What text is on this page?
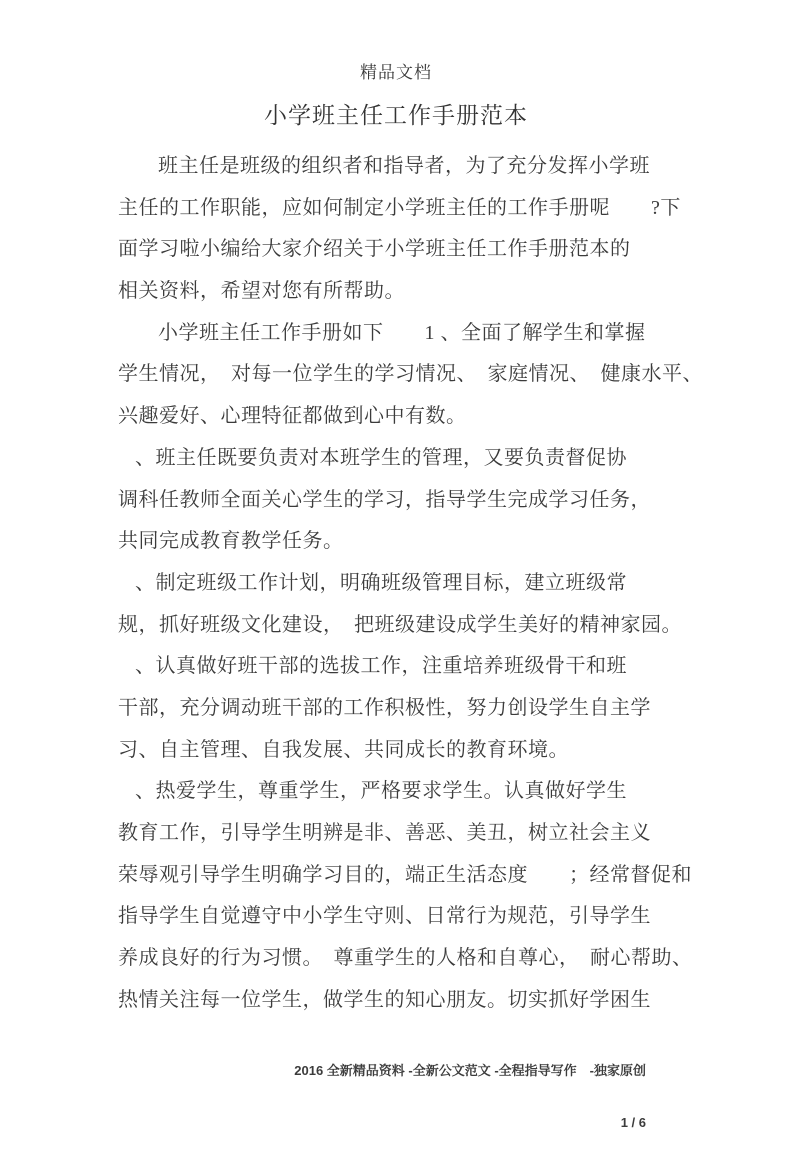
精品文档
小学班主任工作手册范本
班主任是班级的组织者和指导者，为了充分发挥小学班
主任的工作职能，应如何制定小学班主任的工作手册呢　　?下
面学习啦小编给大家介绍关于小学班主任工作手册范本的
相关资料，希望对您有所帮助。
小学班主任工作手册如下　　1 、全面了解学生和掌握
学生情况，　对每一位学生的学习情况、　家庭情况、　健康水平、
兴趣爱好、心理特征都做到心中有数。
、班主任既要负责对本班学生的管理，又要负责督促协
调科任教师全面关心学生的学习，指导学生完成学习任务，
共同完成教育教学任务。
、制定班级工作计划，明确班级管理目标，建立班级常
规，抓好班级文化建设，　把班级建设成学生美好的精神家园。
、认真做好班干部的选拔工作，注重培养班级骨干和班
干部，充分调动班干部的工作积极性，努力创设学生自主学
习、自主管理、自我发展、共同成长的教育环境。
、热爱学生，尊重学生，严格要求学生。认真做好学生
教育工作，引导学生明辨是非、善恶、美丑，树立社会主义
荣辱观引导学生明确学习目的，端正生活态度　　；经常督促和
指导学生自觉遵守中小学生守则、日常行为规范，引导学生
养成良好的行为习惯。　尊重学生的人格和自尊心，　耐心帮助、
热情关注每一位学生，做学生的知心朋友。切实抓好学困生

2016 全新精品资料 -全新公文范文 -全程指导写作　-独家原创

1 / 6
